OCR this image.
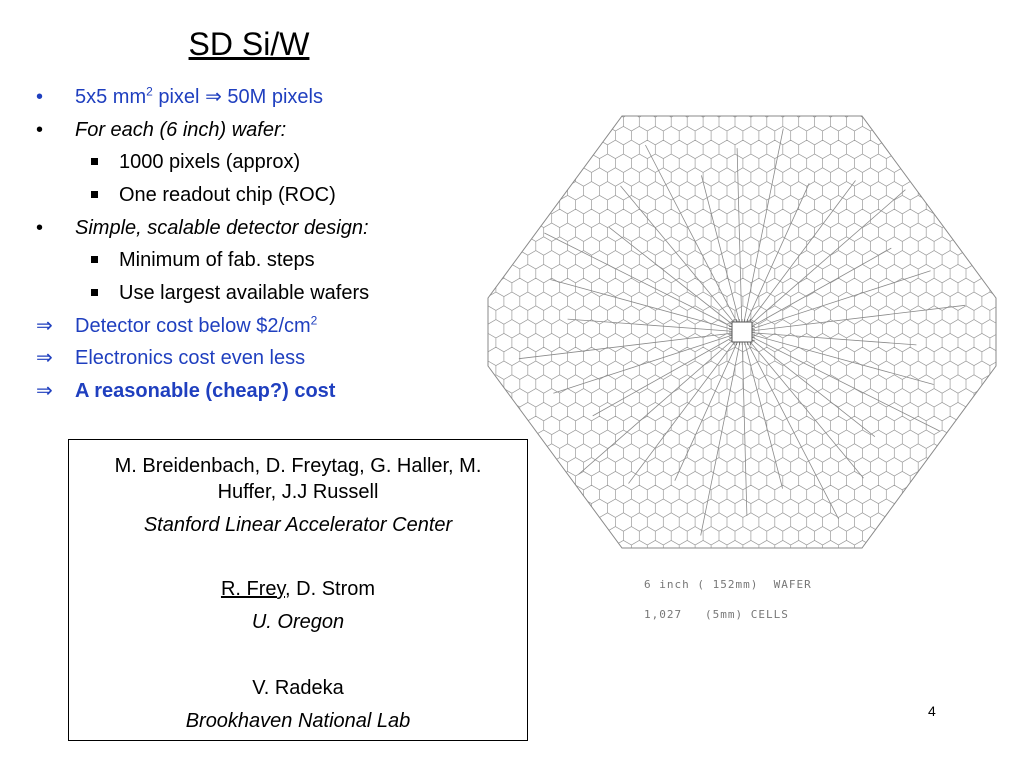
SD Si/W
• 5x5 $mm^2$ pixel ⇒ 50M pixels
• For each (6 inch) wafer:
1000 pixels (approx)
One readout chip (ROC)
• Simple, scalable detector design:
Minimum of fab. steps
Use largest available wafers
⇒ Detector cost below $\$2/cm^2$
⇒ Electronics cost even less
⇒ A reasonable (cheap?) cost
M. Breidenbach, D. Freytag, G. Haller, M.
Huffer, J.J Russell
Stanford Linear Accelerator Center
R. Frey, D. Strom
U. Oregon
V. Radeka
Brookhaven National Lab
6 inch ( 152mm)  WAFER
1,027   (5mm) CELLS
4
